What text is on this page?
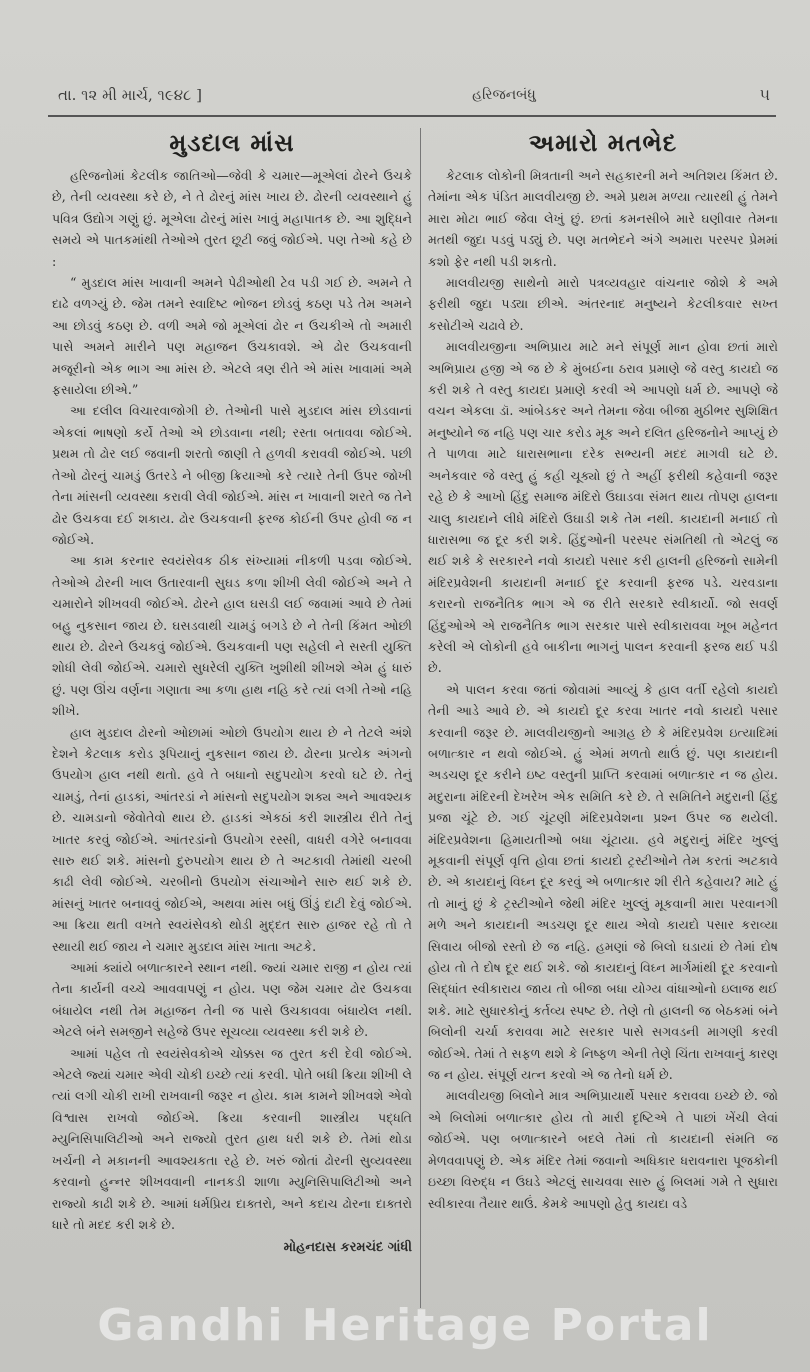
તા. ૧૨ મી માર્ચ, ૧૯૪૮ ]	હરિજનબંધુ	૫
મુડદાલ માંસ

હરિજનોમાં કેટલીક જાતિઓ—જેવી કે ચમાર—મૂએલાં ઢોરને ઉચકે છે, તેની વ્યવસ્થા કરે છે, ને તે ઢોરનું માંસ ખાય છે. ઢોરની વ્યવસ્થાને હું પવિત્ર ઉદ્યોગ ગણું છું. મૂએલા ઢોરનું માંસ ખાવું મહાપાતક છે. આ શુદ્ધિને સમયે એ પાતકમાંથી તેઓએ તુરત છૂટી જવું જોઈએ. પણ તેઓ કહે છે :

“ મુડદાલ માંસ ખાવાની અમને પેઢીઓથી ટેવ પડી ગઈ છે. અમને તે દાઢે વળગ્યું છે. જેમ તમને સ્વાદિષ્ટ ભોજન છોડવું કઠણ પડે તેમ અમને આ છોડવું કઠણ છે. વળી અમે જો મૂએલાં ઢોર ન ઉચકીએ તો અમારી પાસે અમને મારીને પણ મહાજન ઉચકાવશે. એ ઢોર ઉચકવાની મજૂરીનો એક ભાગ આ માંસ છે. એટલે ત્રણ રીતે એ માંસ ખાવામાં અમે ફસાયેલા છીએ.”

આ દલીલ વિચારવાજોગી છે. તેઓની પાસે મુડદાલ માંસ છોડવાનાં એકલાં ભાષણો કર્યે તેઓ એ છોડવાના નથી; રસ્તા બતાવવા જોઈએ. પ્રથમ તો ઢોર લઈ જવાની શરતો જાણી તે હળવી કરાવવી જોઈએ. પછી તેઓ ઢોરનું ચામડું ઉતરડે ને બીજી ક્રિયાઓ કરે ત્યારે તેની ઉપર જોખી તેના માંસની વ્યવસ્થા કરાવી લેવી જોઈએ. માંસ ન ખાવાની શરતે જ તેને ઢોર ઉચકવા દઈ શકાય. ઢોર ઉચકવાની ફરજ કોઈની ઉપર હોવી જ ન જોઈએ.

આ કામ કરનાર સ્વયંસેવક ઠીક સંખ્યામાં નીકળી પડવા જોઈએ. તેઓએ ઢોરની ખાલ ઉતારવાની સુઘડ કળા શીખી લેવી જોઈએ અને તે ચમારોને શીખવવી જોઈએ. ઢોરને હાલ ઘસડી લઈ જવામાં આવે છે તેમાં બહુ નુકસાન જાય છે. ઘસડવાથી ચામડું બગડે છે ને તેની કિંમત ઓછી થાય છે. ઢોરને ઉચકવું જોઈએ. ઉચકવાની પણ સહેલી ને સસ્તી યુક્તિ શોધી લેવી જોઈએ. ચમારો સુધરેલી યુક્તિ ખુશીથી શીખશે એમ હું ધારું છું. પણ ઊંચ વર્ણના ગણાતા આ કળા હાથ નહિ કરે ત્યાં લગી તેઓ નહિ શીખે.

હાલ મુડદાલ ઢોરનો ઓછામાં ઓછો ઉપયોગ થાય છે ને તેટલે અંશે દેશને કેટલાક કરોડ રૂપિયાનું નુકસાન જાય છે. ઢોરના પ્રત્યેક અંગનો ઉપયોગ હાલ નથી થતો. હવે તે બધાનો સદુપયોગ કરવો ઘટે છે. તેનું ચામડું, તેનાં હાડકાં, આંતરડાં ને માંસનો સદુપયોગ શક્ય અને આવશ્યક છે. ચામડાનો જેવોતેવો થાય છે. હાડકાં એકઠાં કરી શાસ્ત્રીય રીતે તેનું ખાતર કરવું જોઈએ. આંતરડાંનો ઉપયોગ રસ્સી, વાધરી વગેરે બનાવવા સારુ થઈ શકે. માંસનો દુરુપયોગ થાય છે તે અટકાવી તેમાંથી ચરબી કાઢી લેવી જોઈએ. ચરબીનો ઉપયોગ સંચાઓને સારુ થઈ શકે છે. માંસનું ખાતર બનાવવું જોઈએ, અથવા માંસ બધું ઊંડું દાટી દેવું જોઈએ. આ ક્રિયા થતી વખતે સ્વયંસેવકો થોડી મુદ્દત સારુ હાજર રહે તો તે સ્થાયી થઈ જાય ને ચમાર મુડદાલ માંસ ખાતા અટકે.

આમાં ક્યાંયે બળાત્કારને સ્થાન નથી. જ્યાં ચમાર રાજી ન હોય ત્યાં તેના કાર્યની વચ્ચે આવવાપણું ન હોય. પણ જેમ ચમાર ઢોર ઉચકવા બંધાયેલ નથી તેમ મહાજન તેની જ પાસે ઉચકાવવા બંધાયેલ નથી. એટલે બંને સમજીને સહેજે ઉપર સૂચવ્યા વ્યવસ્થા કરી શકે છે.

આમાં પહેલ તો સ્વયંસેવકોએ ચોક્કસ જ તુરત કરી દેવી જોઈએ. એટલે જ્યાં ચમાર એવી ચોકી ઇચ્છે ત્યાં કરવી. પોતે બધી ક્રિયા શીખી લે ત્યાં લગી ચોકી રાખી રાખવાની જરૂર ન હોય. કામ કામને શીખવશે એવો વિશ્વાસ રાખવો જોઈએ. ક્રિયા કરવાની શાસ્ત્રીય પદ્ધતિ મ્યુનિસિપાલિટીઓ અને રાજ્યો તુરત હાથ ધરી શકે છે. તેમાં થોડા ખર્ચની ને મકાનની આવશ્યકતા રહે છે. ખરું જોતાં ઢોરની સુવ્યવસ્થા કરવાનો હુન્નર શીખવવાની નાનકડી શાળા મ્યુનિસિપાલિટીઓ અને રાજ્યો કાઢી શકે છે. આમાં ધર્મપ્રિય દાક્તરો, અને કદાચ ઢોરના દાક્તરો ધારે તો મદદ કરી શકે છે.

મોહનદાસ કરમચંદ ગાંધી
અમારો મતભેદ

કેટલાક લોકોની મિત્રતાની અને સહકારની મને અતિશય કિંમત છે. તેમાંના એક પંડિત માલવીયજી છે. અમે પ્રથમ મળ્યા ત્યારથી હું તેમને મારા મોટા ભાઈ જેવા લેખું છું. છતાં કમનસીબે મારે ઘણીવાર તેમના મતથી જુદા પડવું પડ્યું છે. પણ મતભેદને અંગે અમારા પરસ્પર પ્રેમમાં કશો ફેર નથી પડી શકતો.

માલવીયજી સાથેનો મારો પત્રવ્યવહાર વાંચનાર જોશે કે અમે ફરીથી જુદા પડ્યા છીએ. અંતરનાદ મનુષ્યને કેટલીકવાર સખ્ત કસોટીએ ચઢાવે છે.

માલવીયજીના અભિપ્રાય માટે મને સંપૂર્ણ માન હોવા છતાં મારો અભિપ્રાય હજી એ જ છે કે મુંબઈના ઠરાવ પ્રમાણે જે વસ્તુ કાયદો જ કરી શકે તે વસ્તુ કાયદા પ્રમાણે કરવી એ આપણો ધર્મ છે. આપણે જે વચન એકલા ડૉ. આંબેડકર અને તેમના જેવા બીજા મુઠીભર સુશિક્ષિત મનુષ્યોને જ નહિ પણ ચાર કરોડ મૂક અને દલિત હરિજનોને આપ્યું છે તે પાળવા માટે ધારાસભાના દરેક સભ્યની મદદ માગવી ઘટે છે. અનેકવાર જે વસ્તુ હું કહી ચૂક્યો છું તે અહીં ફરીથી કહેવાની જરૂર રહે છે કે આખો હિંદુ સમાજ મંદિરો ઉઘાડવા સંમત થાય તોપણ હાલના ચાલુ કાયદાને લીધે મંદિરો ઉઘાડી શકે તેમ નથી. કાયદાની મનાઈ તો ધારાસભા જ દૂર કરી શકે. હિંદુઓની પરસ્પર સંમતિથી તો એટલું જ થઈ શકે કે સરકારને નવો કાયદો પસાર કરી હાલની હરિજનો સામેની મંદિરપ્રવેશની કાયદાની મનાઈ દૂર કરવાની ફરજ પડે. ચરવડાના કરારનો રાજનૈતિક ભાગ એ જ રીતે સરકારે સ્વીકાર્યો. જો સવર્ણ હિંદુઓએ એ રાજનૈતિક ભાગ સરકાર પાસે સ્વીકારાવવા ખૂબ મહેનત કરેલી એ લોકોની હવે બાકીના ભાગનું પાલન કરવાની ફરજ થઈ પડી છે.

એ પાલન કરવા જતાં જોવામાં આવ્યું કે હાલ વર્તી રહેલો કાયદો તેની આડે આવે છે. એ કાયદો દૂર કરવા ખાતર નવો કાયદો પસાર કરવાની જરૂર છે. માલવીયજીનો આગ્રહ છે કે મંદિરપ્રવેશ ઇત્યાદિમાં બળાત્કાર ન થવો જોઈએ. હું એમાં મળતો થાઉં છું. પણ કાયદાની અડચણ દૂર કરીને ઇષ્ટ વસ્તુની પ્રાપ્તિ કરવામાં બળાત્કાર ન જ હોય. મદુરાના મંદિરની દેખરેખ એક સમિતિ કરે છે. તે સમિતિને મદુરાની હિંદુ પ્રજા ચૂંટે છે. ગઈ ચૂંટણી મંદિરપ્રવેશના પ્રશ્ન ઉપર જ થયેલી. મંદિરપ્રવેશના હિમાયતીઓ બધા ચૂંટાયા. હવે મદુરાનું મંદિર ખુલ્લું મૂકવાની સંપૂર્ણ વૃત્તિ હોવા છતાં કાયદો ટ્રસ્ટીઓને તેમ કરતાં અટકાવે છે. એ કાયદાનું વિઘ્ન દૂર કરવું એ બળાત્કાર શી રીતે કહેવાય? માટે હું તો માનું છું કે ટ્રસ્ટીઓને જેથી મંદિર ખુલ્લું મૂકવાની મારા પરવાનગી મળે અને કાયદાની અડચણ દૂર થાય એવો કાયદો પસાર કરાવ્યા સિવાય બીજો રસ્તો છે જ નહિ. હમણાં જે બિલો ઘડાયાં છે તેમાં દોષ હોય તો તે દોષ દૂર થઈ શકે. જો કાયદાનું વિઘ્ન માર્ગમાંથી દૂર કરવાનો સિદ્ધાંત સ્વીકારાય જાય તો બીજા બધા યોગ્ય વાંધાઓનો ઇલાજ થઈ શકે. માટે સુધારકોનું કર્તવ્ય સ્પષ્ટ છે. તેણે તો હાલની જ બેઠકમાં બંને બિલોની ચર્ચા કરાવવા માટે સરકાર પાસે સગવડની માગણી કરવી જોઈએ. તેમાં તે સફળ થશે કે નિષ્ફળ એની તેણે ચિંતા રાખવાનું કારણ જ ન હોય. સંપૂર્ણ યત્ન કરવો એ જ તેનો ધર્મ છે.

માલવીયજી બિલોને માત્ર અભિપ્રાયાર્થે પસાર કરાવવા ઇચ્છે છે. જો એ બિલોમાં બળાત્કાર હોય તો મારી દૃષ્ટિએ તે પાછાં ખેંચી લેવાં જોઈએ. પણ બળાત્કારને બદલે તેમાં તો કાયદાની સંમતિ જ મેળવવાપણું છે. એક મંદિર તેમાં જવાનો અધિકાર ધરાવનારા પૂજકોની ઇચ્છા વિરુદ્ધ ન ઉઘડે એટલું સાચવવા સારુ હું બિલમાં ગમે તે સુધારા સ્વીકારવા તૈયાર થાઉં. કેમકે આપણો હેતુ કાયદા વડે

Gandhi Heritage Portal
